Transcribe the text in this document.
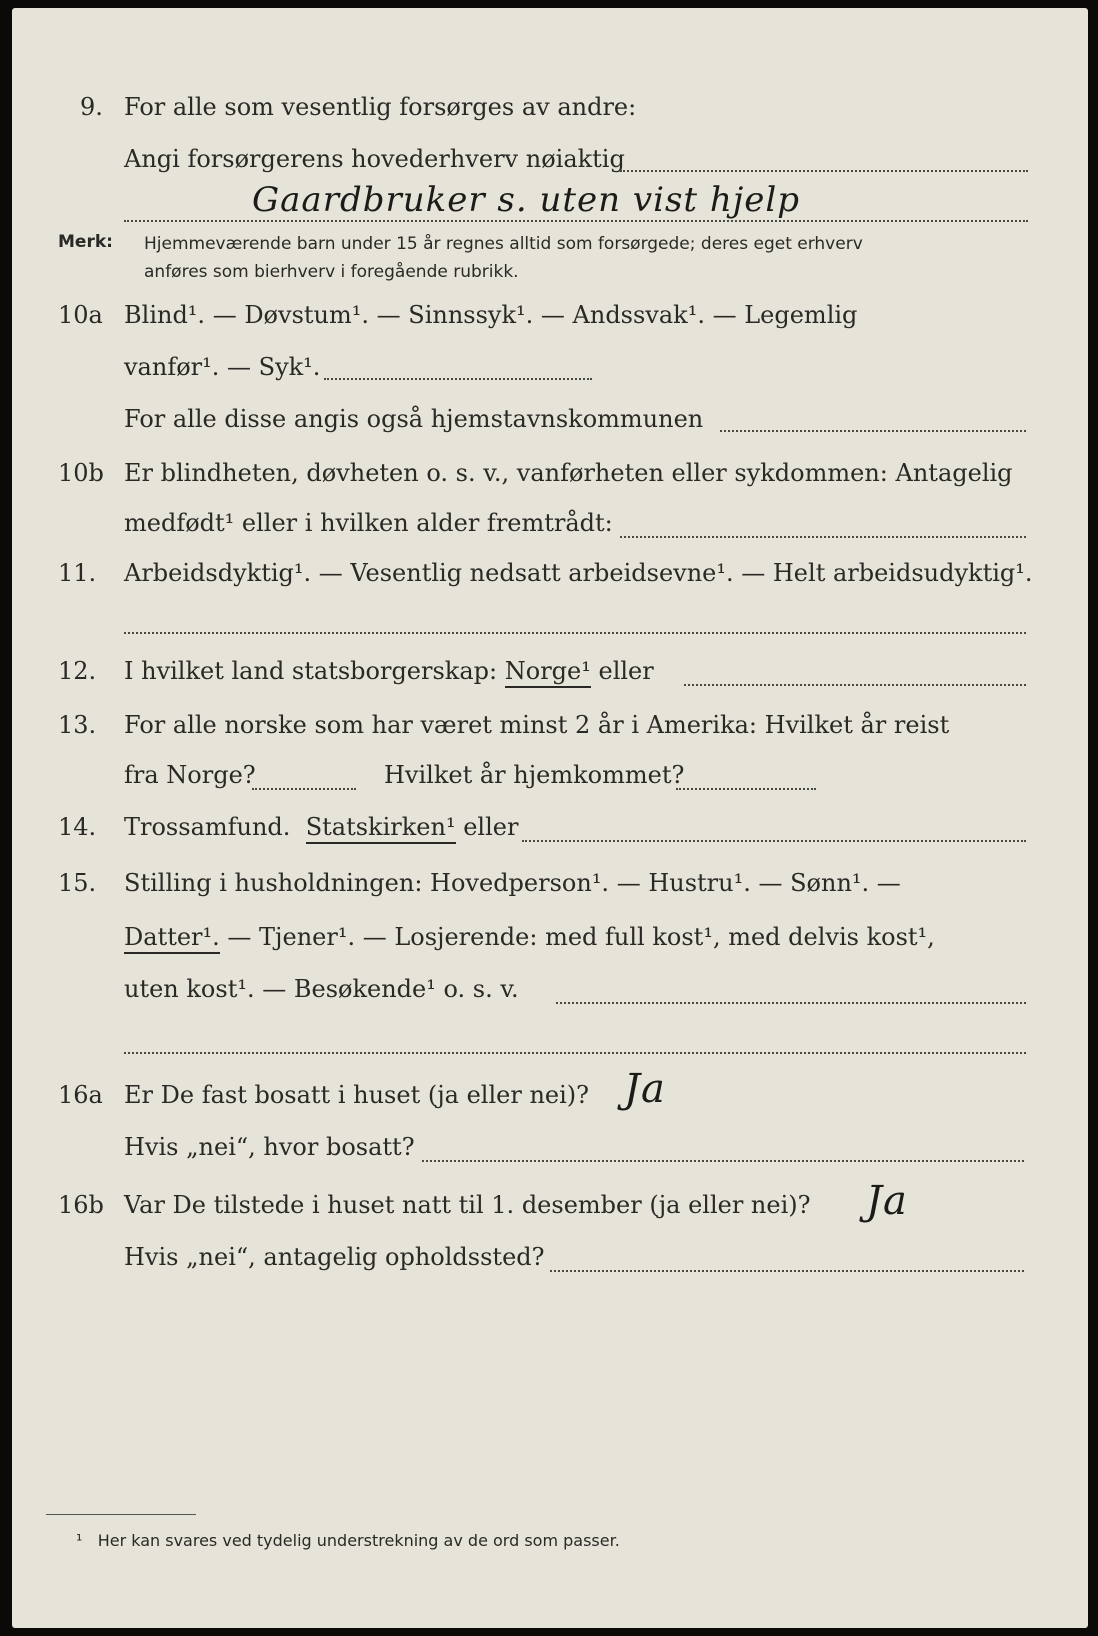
9. For alle som vesentlig forsørges av andre:
Angi forsørgerens hovederhverv nøiaktig
Gaardbruker s. uten vist hjelp
Merk: Hjemmeværende barn under 15 år regnes alltid som forsørgede; deres eget erhverv
anføres som bierhverv i foregående rubrikk.
10a Blind¹. — Døvstum¹. — Sinnssyk¹. — Andssvak¹. — Legemlig
vanfør¹. — Syk¹.
For alle disse angis også hjemstavnskommunen
10b Er blindheten, døvheten o. s. v., vanførheten eller sykdommen: Antagelig
medfødt¹ eller i hvilken alder fremtrådt:
11. Arbeidsdyktig¹. — Vesentlig nedsatt arbeidsevne¹. — Helt arbeidsudyktig¹.
12. I hvilket land statsborgerskap: Norge¹ eller
13. For alle norske som har været minst 2 år i Amerika: Hvilket år reist
fra Norge?	Hvilket år hjemkommet?
14. Trossamfund. Statskirken¹ eller
15. Stilling i husholdningen: Hovedperson¹. — Hustru¹. — Sønn¹. —
Datter¹. — Tjener¹. — Losjerende: med full kost¹, med delvis kost¹,
uten kost¹. — Besøkende¹ o. s. v.
16a Er De fast bosatt i huset (ja eller nei)? Ja
Hvis „nei“, hvor bosatt?
16b Var De tilstede i huset natt til 1. desember (ja eller nei)? Ja
Hvis „nei“, antagelig opholdssted?
¹ Her kan svares ved tydelig understrekning av de ord som passer.
